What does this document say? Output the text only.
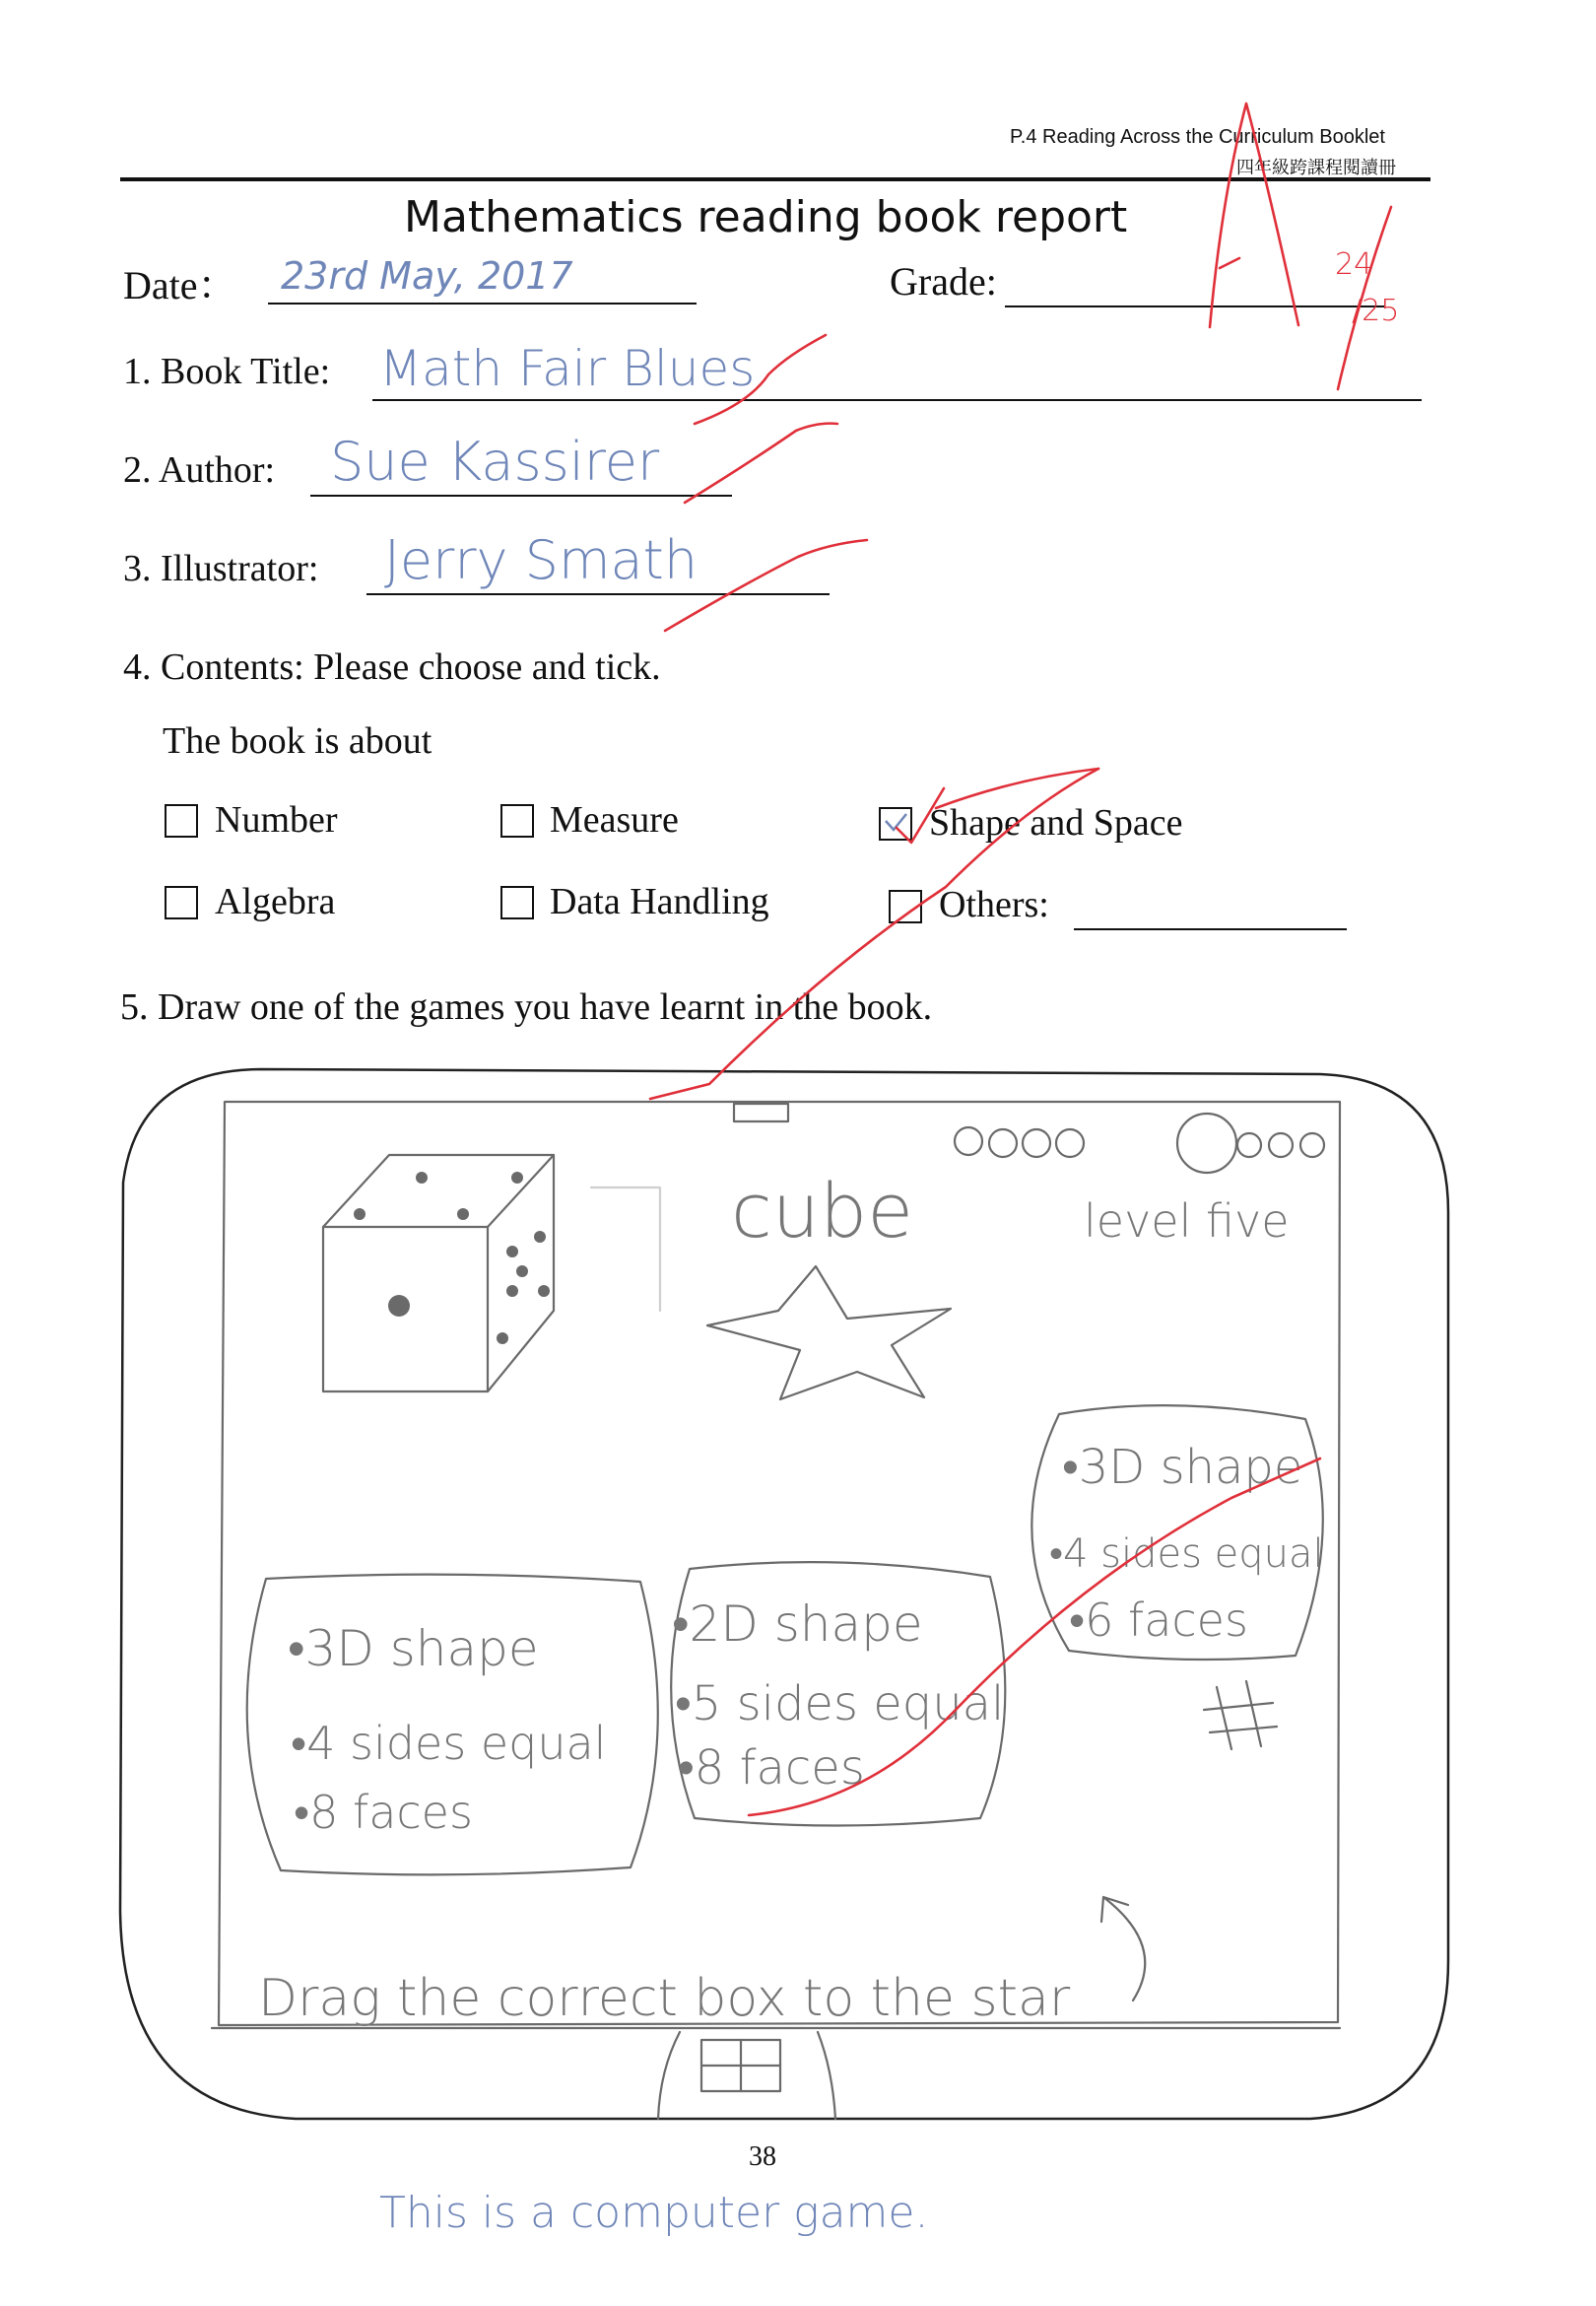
P.4 Reading Across the Curriculum Booklet
四年級跨課程閱讀冊
Mathematics reading book report
Date： 23rd May, 2017	Grade:
1. Book Title: Math Fair Blues
2. Author: Sue Kassirer
3. Illustrator: Jerry Smath
4. Contents: Please choose and tick.
The book is about
Number	Measure	Shape and Space
Algebra	Data Handling	Others:
5. Draw one of the games you have learnt in the book.
cube	level five
•3D shape
•4 sides equal
•8 faces
•2D shape
•5 sides equal
•8 faces
•3D shape
•4 sides equal
•6 faces
Drag the correct box to the star
24
/25
38
This is a computer game.
